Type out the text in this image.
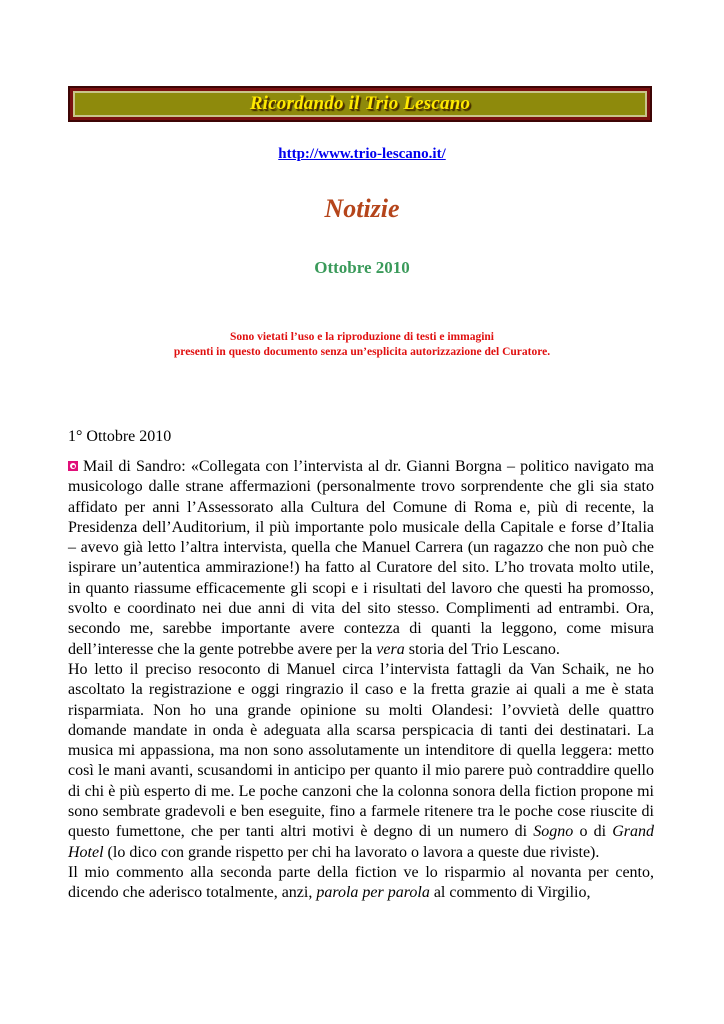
Ricordando il Trio Lescano
http://www.trio-lescano.it/
Notizie
Ottobre 2010
Sono vietati l’uso e la riproduzione di testi e immagini
presenti in questo documento senza un’esplicita autorizzazione del Curatore.
1° Ottobre 2010

Mail di Sandro: «Collegata con l’intervista al dr. Gianni Borgna – politico navigato ma musicologo dalle strane affermazioni (personalmente trovo sorprendente che gli sia stato affidato per anni l’Assessorato alla Cultura del Comune di Roma e, più di recente, la Presidenza dell’Auditorium, il più importante polo musicale della Capitale e forse d’Italia – avevo già letto l’altra intervista, quella che Manuel Carrera (un ragazzo che non può che ispirare un’autentica ammirazione!) ha fatto al Curatore del sito. L’ho trovata molto utile, in quanto riassume efficacemente gli scopi e i risultati del lavoro che questi ha promosso, svolto e coordinato nei due anni di vita del sito stesso. Complimenti ad entrambi. Ora, secondo me, sarebbe importante avere contezza di quanti la leggono, come misura dell’interesse che la gente potrebbe avere per la vera storia del Trio Lescano.

Ho letto il preciso resoconto di Manuel circa l’intervista fattagli da Van Schaik, ne ho ascoltato la registrazione e oggi ringrazio il caso e la fretta grazie ai quali a me è stata risparmiata. Non ho una grande opinione su molti Olandesi: l’ovvietà delle quattro domande mandate in onda è adeguata alla scarsa perspicacia di tanti dei destinatari. La musica mi appassiona, ma non sono assolutamente un intenditore di quella leggera: metto così le mani avanti, scusandomi in anticipo per quanto il mio parere può contraddire quello di chi è più esperto di me. Le poche canzoni che la colonna sonora della fiction propone mi sono sembrate gradevoli e ben eseguite, fino a farmele ritenere tra le poche cose riuscite di questo fumettone, che per tanti altri motivi è degno di un numero di Sogno o di Grand Hotel (lo dico con grande rispetto per chi ha lavorato o lavora a queste due riviste).

Il mio commento alla seconda parte della fiction ve lo risparmio al novanta per cento, dicendo che aderisco totalmente, anzi, parola per parola al commento di Virgilio,
